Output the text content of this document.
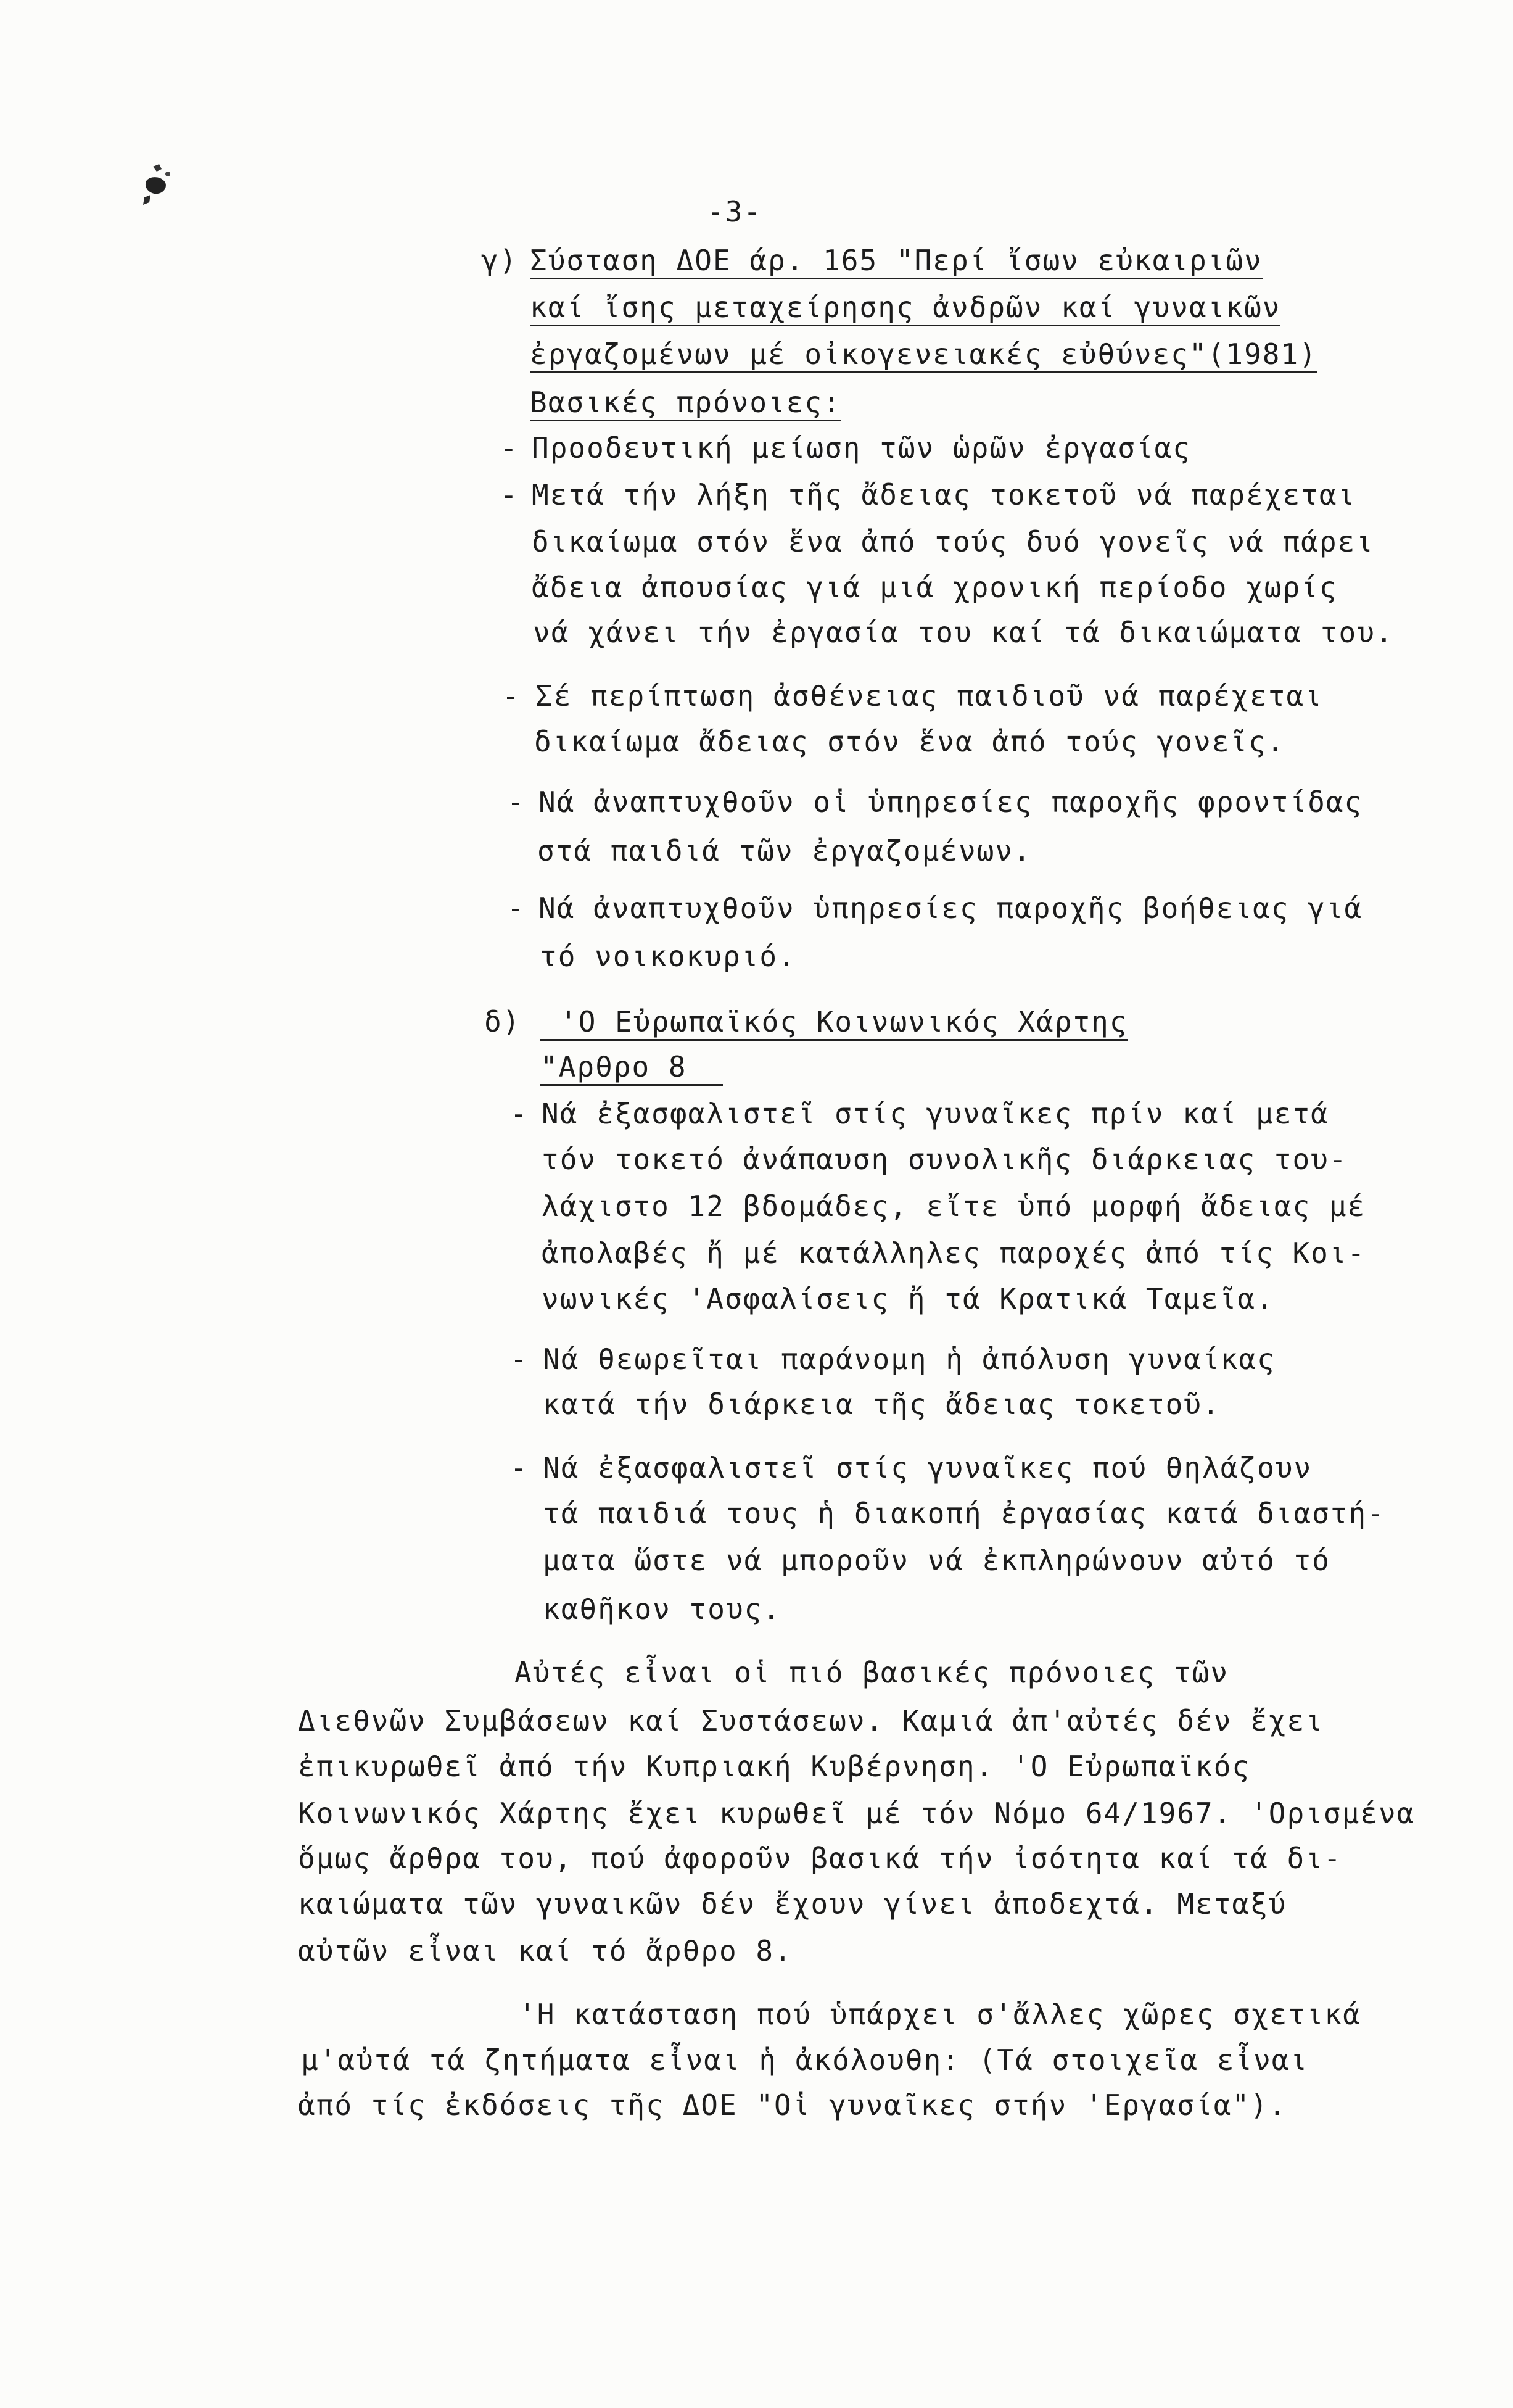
-3-
γ) Σύσταση ΔΟΕ άρ. 165 "Περί ἴσων εὐκαιριῶν
καί ἴσης μεταχείρησης ἀνδρῶν καί γυναικῶν
ἐργαζομένων μέ οἰκογενειακές εὐθύνες"(1981)
Βασικές πρόνοιες:
- Προοδευτική μείωση τῶν ὡρῶν ἐργασίας
- Μετά τήν λήξη τῆς ἄδειας τοκετοῦ νά παρέχεται
δικαίωμα στόν ἕνα ἀπό τούς δυό γονεῖς νά πάρει
ἄδεια ἀπουσίας γιά μιά χρονική περίοδο χωρίς
νά χάνει τήν ἐργασία του καί τά δικαιώματα του.
- Σέ περίπτωση ἀσθένειας παιδιοῦ νά παρέχεται
δικαίωμα ἄδειας στόν ἕνα ἀπό τούς γονεῖς.
- Νά ἀναπτυχθοῦν οἱ ὑπηρεσίες παροχῆς φροντίδας
στά παιδιά τῶν ἐργαζομένων.
- Νά ἀναπτυχθοῦν ὑπηρεσίες παροχῆς βοήθειας γιά
τό νοικοκυριό.
δ)	'Ο Εὐρωπαϊκός Κοινωνικός Χάρτης
"Αρθρο 8
- Νά ἐξασφαλιστεῖ στίς γυναῖκες πρίν καί μετά
τόν τοκετό ἀνάπαυση συνολικῆς διάρκειας του-
λάχιστο 12 βδομάδες, εἴτε ὑπό μορφή ἄδειας μέ
ἀπολαβές ἤ μέ κατάλληλες παροχές ἀπό τίς Κοι-
νωνικές 'Ασφαλίσεις ἤ τά Κρατικά Ταμεῖα.
- Νά θεωρεῖται παράνομη ἡ ἀπόλυση γυναίκας
κατά τήν διάρκεια τῆς ἄδειας τοκετοῦ.
- Νά ἐξασφαλιστεῖ στίς γυναῖκες πού θηλάζουν
τά παιδιά τους ἡ διακοπή ἐργασίας κατά διαστή-
ματα ὥστε νά μποροῦν νά ἐκπληρώνουν αὐτό τό
καθῆκον τους.
Αὐτές εἶναι οἱ πιό βασικές πρόνοιες τῶν
Διεθνῶν Συμβάσεων καί Συστάσεων. Καμιά ἀπ'αὐτές δέν ἔχει
ἐπικυρωθεῖ ἀπό τήν Κυπριακή Κυβέρνηση. 'Ο Εὐρωπαϊκός
Κοινωνικός Χάρτης ἔχει κυρωθεῖ μέ τόν Νόμο 64/1967. 'Ορισμένα
ὅμως ἄρθρα του, πού ἀφοροῦν βασικά τήν ἰσότητα καί τά δι-
καιώματα τῶν γυναικῶν δέν ἔχουν γίνει ἀποδεχτά. Μεταξύ
αὐτῶν εἶναι καί τό ἄρθρο 8.
'Η κατάσταση πού ὑπάρχει σ'ἄλλες χῶρες σχετικά
μ'αὐτά τά ζητήματα εἶναι ἡ ἀκόλουθη: (Τά στοιχεῖα εἶναι
ἀπό τίς ἐκδόσεις τῆς ΔΟΕ "Οἱ γυναῖκες στήν 'Εργασία").
